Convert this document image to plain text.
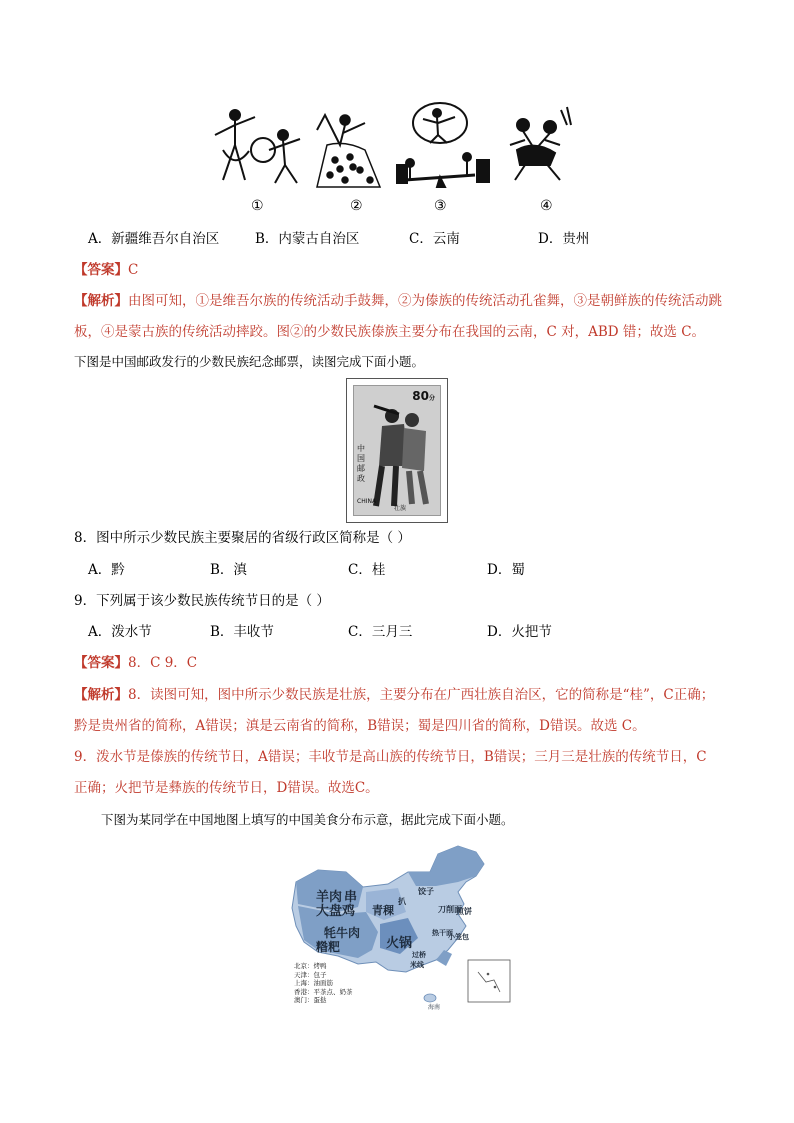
①	②	③	④
A．新疆维吾尔自治区	B．内蒙古自治区	C．云南	D．贵州
【答案】C
【解析】由图可知，①是维吾尔族的传统活动手鼓舞，②为傣族的传统活动孔雀舞，③是朝鲜族的传统活动跳
板，④是蒙古族的传统活动摔跤。图②的少数民族傣族主要分布在我国的云南，C 对，ABD 错；故选 C。
下图是中国邮政发行的少数民族纪念邮票，读图完成下面小题。
80分
中国邮政
CHINA
壮族
8．图中所示少数民族主要聚居的省级行政区简称是（ ）
A．黔	B．滇	C．桂	D．蜀
9．下列属于该少数民族传统节日的是（ ）
A．泼水节	B．丰收节	C．三月三	D．火把节
【答案】8．C 9．C
【解析】8．读图可知，图中所示少数民族是壮族，主要分布在广西壮族自治区，它的简称是“桂”，C正确；
黔是贵州省的简称，A错误；滇是云南省的简称，B错误；蜀是四川省的简称，D错误。故选 C。
9．泼水节是傣族的传统节日，A错误；丰收节是高山族的传统节日，B错误；三月三是壮族的传统节日，C
正确；火把节是彝族的传统节日，D错误。故选C。
下图为某同学在中国地图上填写的中国美食分布示意，据此完成下面小题。
羊肉 串
大盘鸡 青稞
牦牛肉
糌粑	火锅
饺子
刀削面
煎饼
米线
过桥
小笼包
扒
热干面
北京：烤鸭
天津：包子
上海：油面筋
香港：平茶点、奶茶
澳门：蛋挞
海南
